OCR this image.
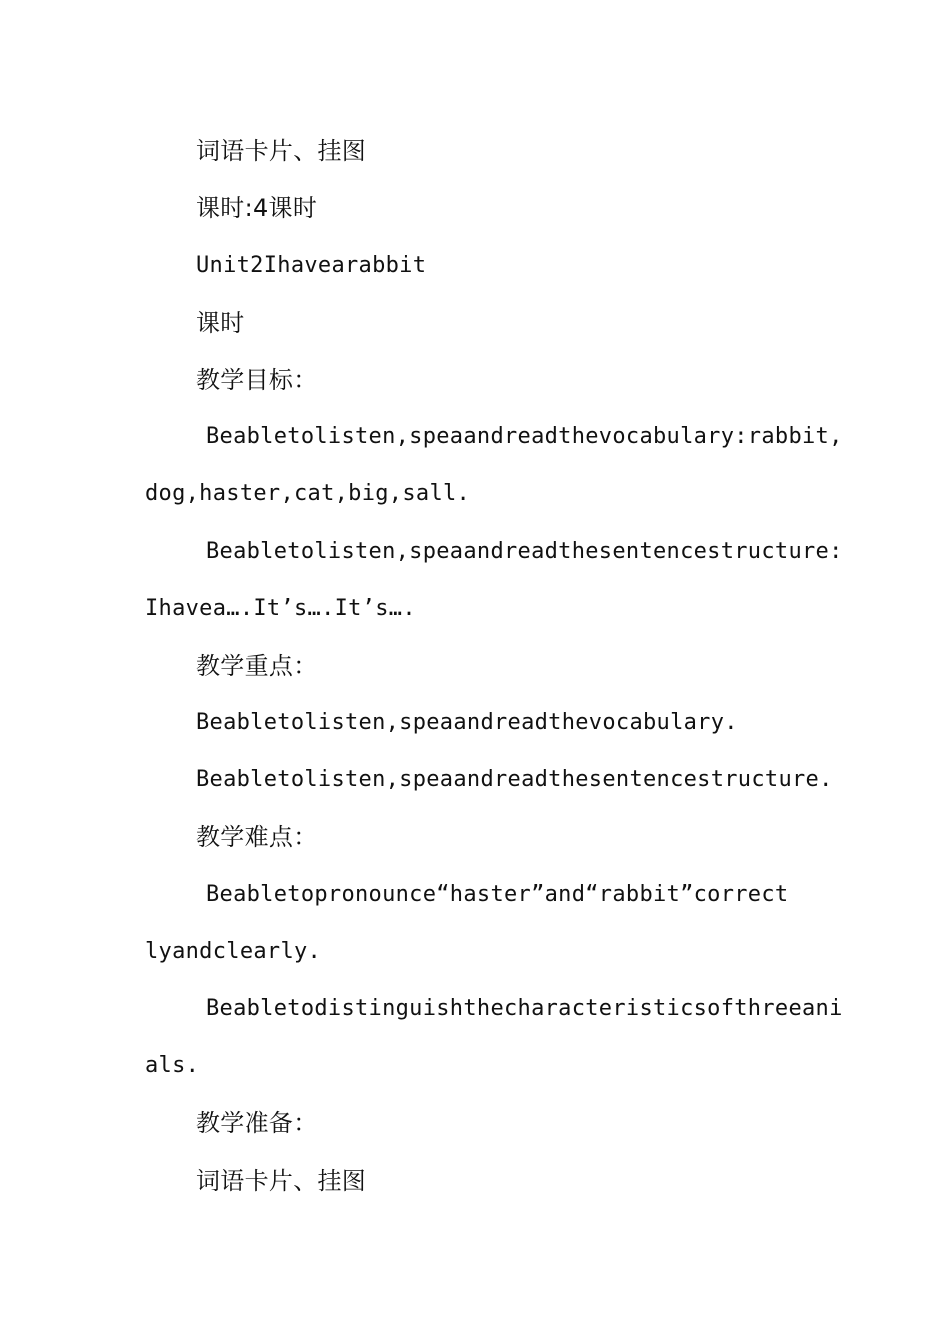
词语卡片、挂图
课时:4课时
Unit2Ihavearabbit
课时
教学目标：
Beabletolisten,speaandreadthevocabulary:rabbit,
dog,haster,cat,big,sall.
Beabletolisten,speaandreadthesentencestructure:
Ihavea….It’s….It’s….
教学重点：
Beabletolisten,speaandreadthevocabulary.
Beabletolisten,speaandreadthesentencestructure.
教学难点：
Beabletopronounce“haster”and“rabbit”correct
lyandclearly.
Beabletodistinguishthecharacteristicsofthreeani
als.
教学准备：
词语卡片、挂图
